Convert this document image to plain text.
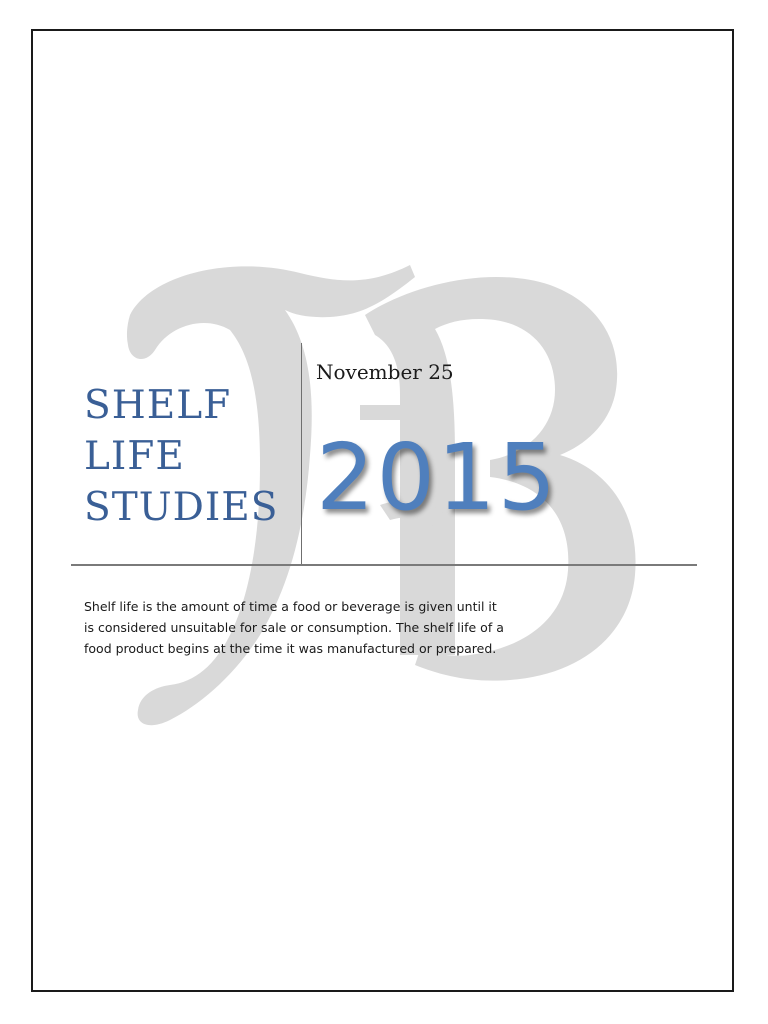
SHELF
LIFE
STUDIES
November 25
2015
Shelf life is the amount of time a food or beverage is given until it is considered unsuitable for sale or consumption. The shelf life of a food product begins at the time it was manufactured or prepared.
